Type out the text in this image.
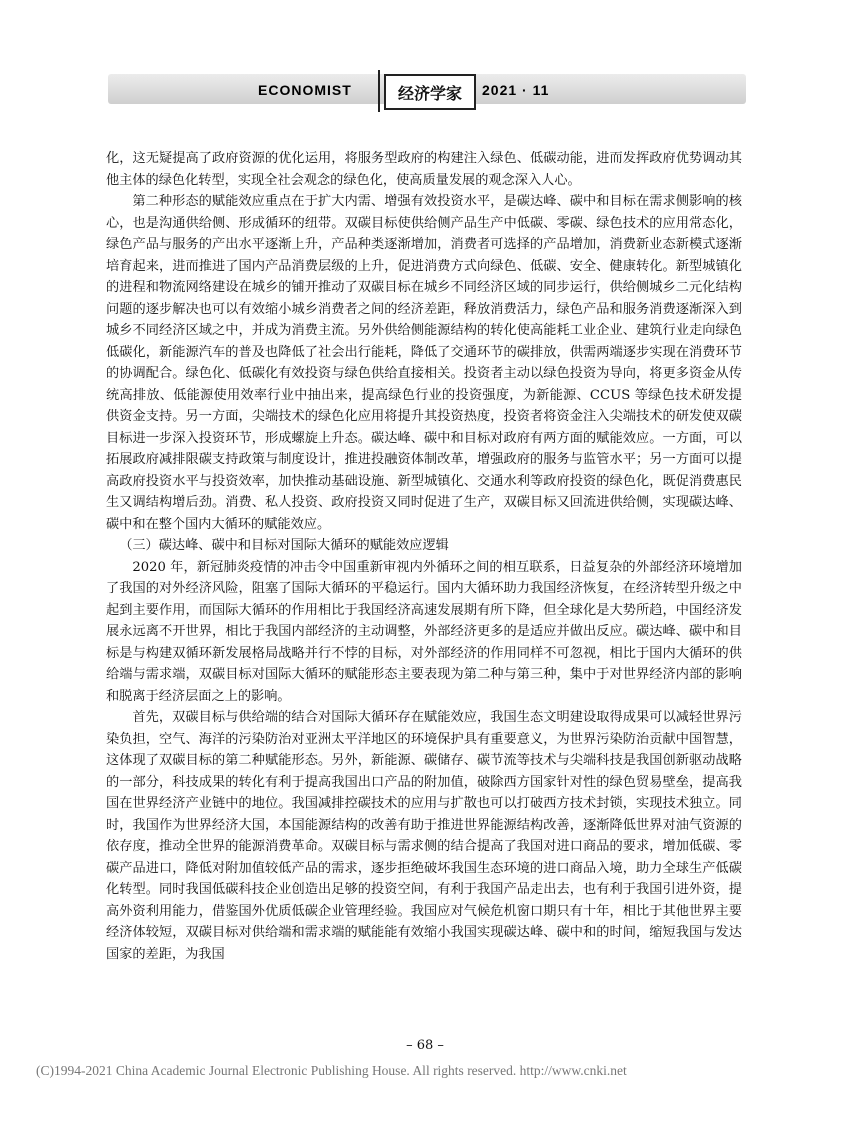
ECONOMIST	经济学家	2021 · 11

化，这无疑提高了政府资源的优化运用，将服务型政府的构建注入绿色、低碳动能，进而发挥政府优势调动其他主体的绿色化转型，实现全社会观念的绿色化，使高质量发展的观念深入人心。

第二种形态的赋能效应重点在于扩大内需、增强有效投资水平，是碳达峰、碳中和目标在需求侧影响的核心，也是沟通供给侧、形成循环的纽带。双碳目标使供给侧产品生产中低碳、零碳、绿色技术的应用常态化，绿色产品与服务的产出水平逐渐上升，产品种类逐渐增加，消费者可选择的产品增加，消费新业态新模式逐渐培育起来，进而推进了国内产品消费层级的上升，促进消费方式向绿色、低碳、安全、健康转化。新型城镇化的进程和物流网络建设在城乡的铺开推动了双碳目标在城乡不同经济区域的同步运行，供给侧城乡二元化结构问题的逐步解决也可以有效缩小城乡消费者之间的经济差距，释放消费活力，绿色产品和服务消费逐渐深入到城乡不同经济区域之中，并成为消费主流。另外供给侧能源结构的转化使高能耗工业企业、建筑行业走向绿色低碳化，新能源汽车的普及也降低了社会出行能耗，降低了交通环节的碳排放，供需两端逐步实现在消费环节的协调配合。绿色化、低碳化有效投资与绿色供给直接相关。投资者主动以绿色投资为导向，将更多资金从传统高排放、低能源使用效率行业中抽出来，提高绿色行业的投资强度，为新能源、CCUS 等绿色技术研发提供资金支持。另一方面，尖端技术的绿色化应用将提升其投资热度，投资者将资金注入尖端技术的研发使双碳目标进一步深入投资环节，形成螺旋上升态。碳达峰、碳中和目标对政府有两方面的赋能效应。一方面，可以拓展政府减排限碳支持政策与制度设计，推进投融资体制改革，增强政府的服务与监管水平；另一方面可以提高政府投资水平与投资效率，加快推动基础设施、新型城镇化、交通水利等政府投资的绿色化，既促消费惠民生又调结构增后劲。消费、私人投资、政府投资又同时促进了生产，双碳目标又回流进供给侧，实现碳达峰、碳中和在整个国内大循环的赋能效应。

（三）碳达峰、碳中和目标对国际大循环的赋能效应逻辑

2020 年，新冠肺炎疫情的冲击令中国重新审视内外循环之间的相互联系，日益复杂的外部经济环境增加了我国的对外经济风险，阻塞了国际大循环的平稳运行。国内大循环助力我国经济恢复，在经济转型升级之中起到主要作用，而国际大循环的作用相比于我国经济高速发展期有所下降，但全球化是大势所趋，中国经济发展永远离不开世界，相比于我国内部经济的主动调整，外部经济更多的是适应并做出反应。碳达峰、碳中和目标是与构建双循环新发展格局战略并行不悖的目标，对外部经济的作用同样不可忽视，相比于国内大循环的供给端与需求端，双碳目标对国际大循环的赋能形态主要表现为第二种与第三种，集中于对世界经济内部的影响和脱离于经济层面之上的影响。

首先，双碳目标与供给端的结合对国际大循环存在赋能效应，我国生态文明建设取得成果可以减轻世界污染负担，空气、海洋的污染防治对亚洲太平洋地区的环境保护具有重要意义，为世界污染防治贡献中国智慧，这体现了双碳目标的第二种赋能形态。另外，新能源、碳储存、碳节流等技术与尖端科技是我国创新驱动战略的一部分，科技成果的转化有利于提高我国出口产品的附加值，破除西方国家针对性的绿色贸易壁垒，提高我国在世界经济产业链中的地位。我国减排控碳技术的应用与扩散也可以打破西方技术封锁，实现技术独立。同时，我国作为世界经济大国，本国能源结构的改善有助于推进世界能源结构改善，逐渐降低世界对油气资源的依存度，推动全世界的能源消费革命。双碳目标与需求侧的结合提高了我国对进口商品的要求，增加低碳、零碳产品进口，降低对附加值较低产品的需求，逐步拒绝破坏我国生态环境的进口商品入境，助力全球生产低碳化转型。同时我国低碳科技企业创造出足够的投资空间，有利于我国产品走出去，也有利于我国引进外资，提高外资利用能力，借鉴国外优质低碳企业管理经验。我国应对气候危机窗口期只有十年，相比于其他世界主要经济体较短，双碳目标对供给端和需求端的赋能能有效缩小我国实现碳达峰、碳中和的时间，缩短我国与发达国家的差距，为我国

– 68 –
(C)1994-2021 China Academic Journal Electronic Publishing House. All rights reserved. http://www.cnki.net
